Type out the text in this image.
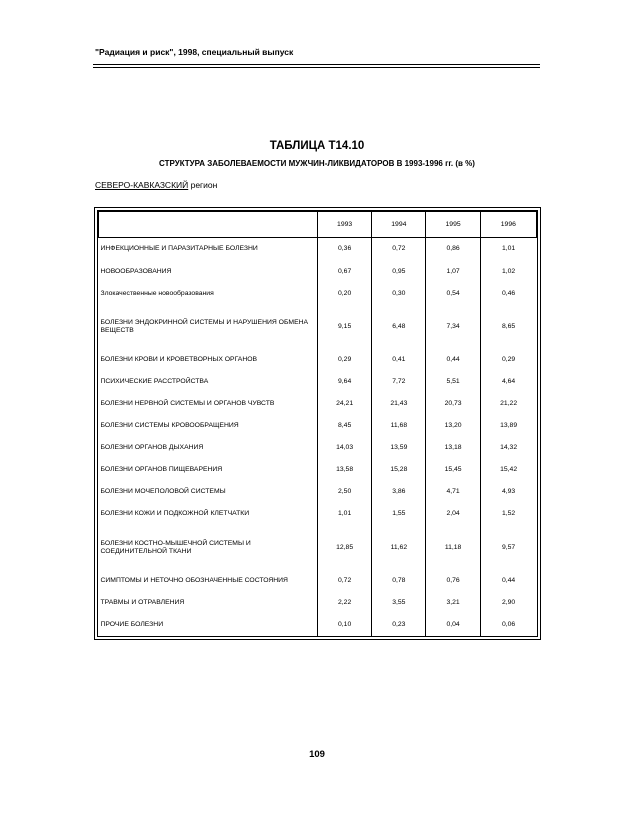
"Радиация и риск", 1998, специальный выпуск
ТАБЛИЦА Т14.10
СТРУКТУРА ЗАБОЛЕВАЕМОСТИ МУЖЧИН-ЛИКВИДАТОРОВ В 1993-1996 гг. (в %)
СЕВЕРО-КАВКАЗСКИЙ регион
	1993	1994	1995	1996
ИНФЕКЦИОННЫЕ И ПАРАЗИТАРНЫЕ БОЛЕЗНИ	0,36	0,72	0,86	1,01
НОВООБРАЗОВАНИЯ	0,67	0,95	1,07	1,02
Злокачественные новообразования	0,20	0,30	0,54	0,46
БОЛЕЗНИ ЭНДОКРИННОЙ СИСТЕМЫ И НАРУШЕНИЯ ОБМЕНА ВЕЩЕСТВ	9,15	6,48	7,34	8,65
БОЛЕЗНИ КРОВИ И КРОВЕТВОРНЫХ ОРГАНОВ	0,29	0,41	0,44	0,29
ПСИХИЧЕСКИЕ РАССТРОЙСТВА	9,64	7,72	5,51	4,64
БОЛЕЗНИ НЕРВНОЙ СИСТЕМЫ И ОРГАНОВ ЧУВСТВ	24,21	21,43	20,73	21,22
БОЛЕЗНИ СИСТЕМЫ КРОВООБРАЩЕНИЯ	8,45	11,68	13,20	13,89
БОЛЕЗНИ ОРГАНОВ ДЫХАНИЯ	14,03	13,59	13,18	14,32
БОЛЕЗНИ ОРГАНОВ ПИЩЕВАРЕНИЯ	13,58	15,28	15,45	15,42
БОЛЕЗНИ МОЧЕПОЛОВОЙ СИСТЕМЫ	2,50	3,86	4,71	4,93
БОЛЕЗНИ КОЖИ И ПОДКОЖНОЙ КЛЕТЧАТКИ	1,01	1,55	2,04	1,52
БОЛЕЗНИ КОСТНО-МЫШЕЧНОЙ СИСТЕМЫ И СОЕДИНИТЕЛЬНОЙ ТКАНИ	12,85	11,62	11,18	9,57
СИМПТОМЫ И НЕТОЧНО ОБОЗНАЧЕННЫЕ СОСТОЯНИЯ	0,72	0,78	0,76	0,44
ТРАВМЫ И ОТРАВЛЕНИЯ	2,22	3,55	3,21	2,90
ПРОЧИЕ БОЛЕЗНИ	0,10	0,23	0,04	0,06
109
